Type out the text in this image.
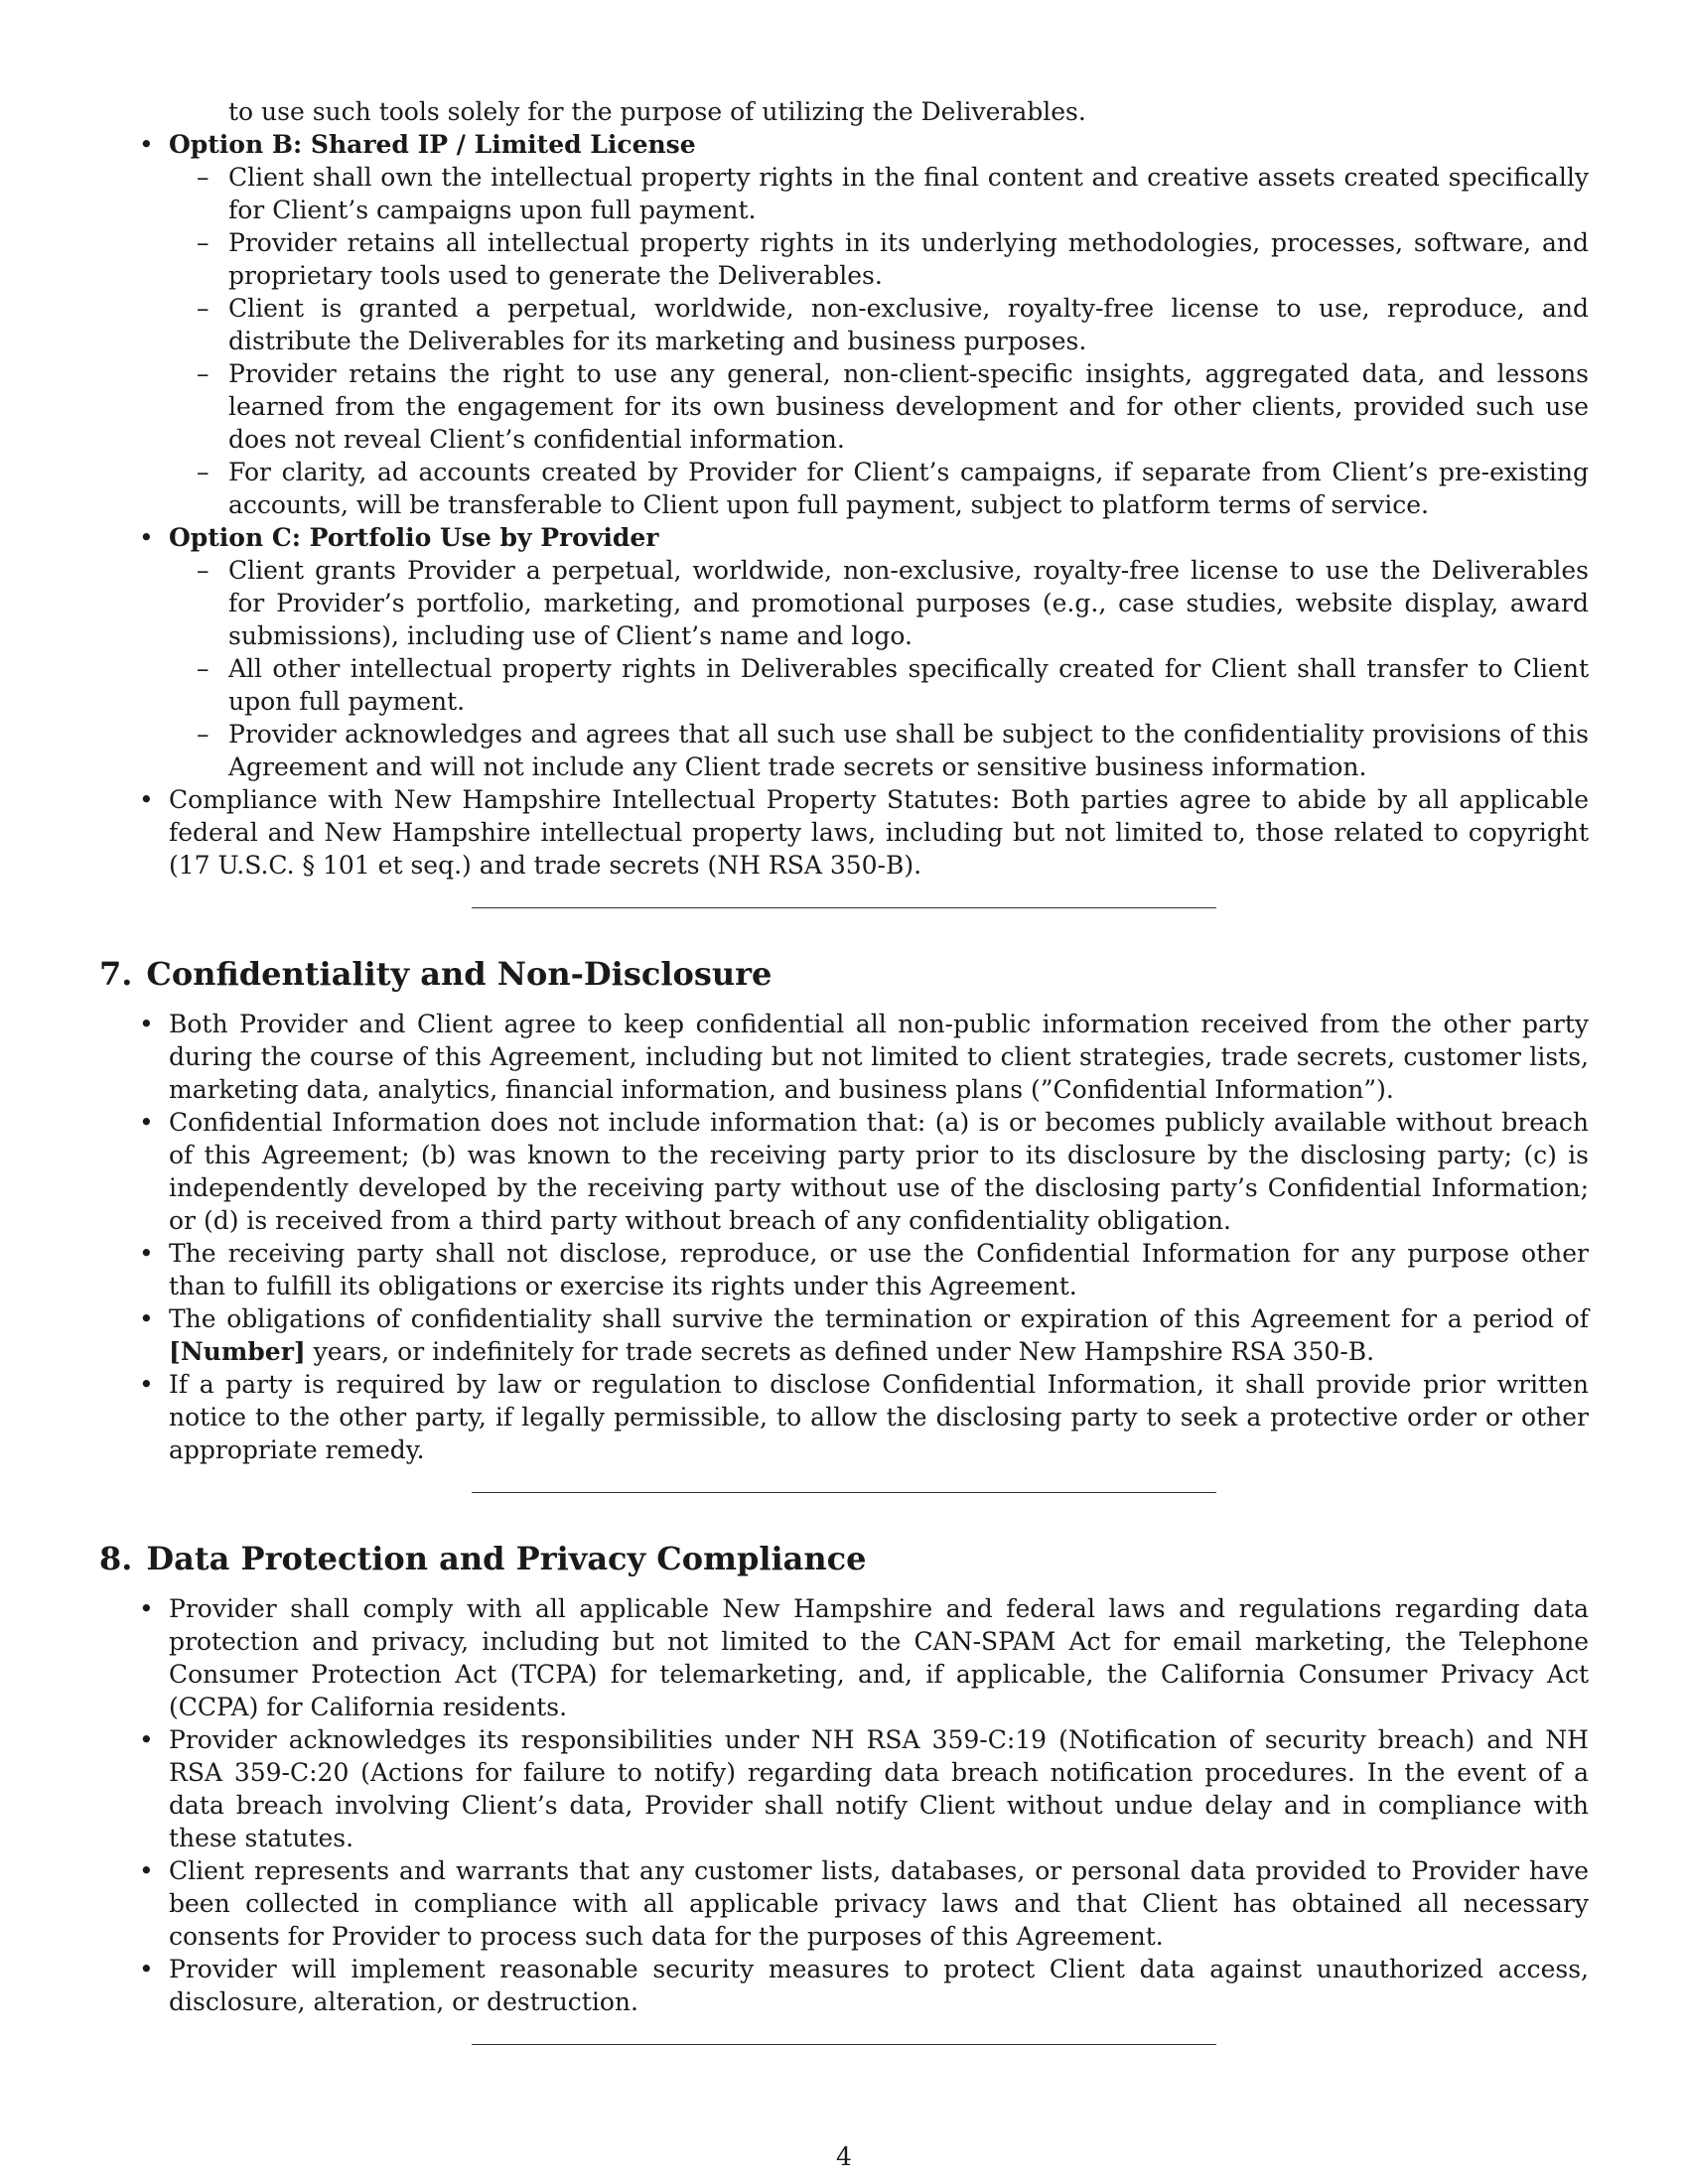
to use such tools solely for the purpose of utilizing the Deliverables.

• Option B: Shared IP / Limited License
– Client shall own the intellectual property rights in the final content and creative assets created specifically for Client’s campaigns upon full payment.
– Provider retains all intellectual property rights in its underlying methodologies, processes, software, and proprietary tools used to generate the Deliverables.
– Client is granted a perpetual, worldwide, non-exclusive, royalty-free license to use, reproduce, and distribute the Deliverables for its marketing and business purposes.
– Provider retains the right to use any general, non-client-specific insights, aggregated data, and lessons learned from the engagement for its own business development and for other clients, provided such use does not reveal Client’s confidential information.
– For clarity, ad accounts created by Provider for Client’s campaigns, if separate from Client’s pre-existing accounts, will be transferable to Client upon full payment, subject to platform terms of service.
• Option C: Portfolio Use by Provider
– Client grants Provider a perpetual, worldwide, non-exclusive, royalty-free license to use the Deliverables for Provider’s portfolio, marketing, and promotional purposes (e.g., case studies, website display, award submissions), including use of Client’s name and logo.
– All other intellectual property rights in Deliverables specifically created for Client shall transfer to Client upon full payment.
– Provider acknowledges and agrees that all such use shall be subject to the confidentiality provisions of this Agreement and will not include any Client trade secrets or sensitive business information.
• Compliance with New Hampshire Intellectual Property Statutes: Both parties agree to abide by all applicable federal and New Hampshire intellectual property laws, including but not limited to, those related to copyright (17 U.S.C. § 101 et seq.) and trade secrets (NH RSA 350-B).
7. Confidentiality and Non-Disclosure
• Both Provider and Client agree to keep confidential all non-public information received from the other party during the course of this Agreement, including but not limited to client strategies, trade secrets, customer lists, marketing data, analytics, financial information, and business plans (”Confidential Information”).
• Confidential Information does not include information that: (a) is or becomes publicly available without breach of this Agreement; (b) was known to the receiving party prior to its disclosure by the disclosing party; (c) is independently developed by the receiving party without use of the disclosing party’s Confidential Information; or (d) is received from a third party without breach of any confidentiality obligation.
• The receiving party shall not disclose, reproduce, or use the Confidential Information for any purpose other than to fulfill its obligations or exercise its rights under this Agreement.
• The obligations of confidentiality shall survive the termination or expiration of this Agreement for a period of [Number] years, or indefinitely for trade secrets as defined under New Hampshire RSA 350-B.
• If a party is required by law or regulation to disclose Confidential Information, it shall provide prior written notice to the other party, if legally permissible, to allow the disclosing party to seek a protective order or other appropriate remedy.
8. Data Protection and Privacy Compliance
• Provider shall comply with all applicable New Hampshire and federal laws and regulations regarding data protection and privacy, including but not limited to the CAN-SPAM Act for email marketing, the Telephone Consumer Protection Act (TCPA) for telemarketing, and, if applicable, the California Consumer Privacy Act (CCPA) for California residents.
• Provider acknowledges its responsibilities under NH RSA 359-C:19 (Notification of security breach) and NH RSA 359-C:20 (Actions for failure to notify) regarding data breach notification procedures. In the event of a data breach involving Client’s data, Provider shall notify Client without undue delay and in compliance with these statutes.
• Client represents and warrants that any customer lists, databases, or personal data provided to Provider have been collected in compliance with all applicable privacy laws and that Client has obtained all necessary consents for Provider to process such data for the purposes of this Agreement.
• Provider will implement reasonable security measures to protect Client data against unauthorized access, disclosure, alteration, or destruction.
4
